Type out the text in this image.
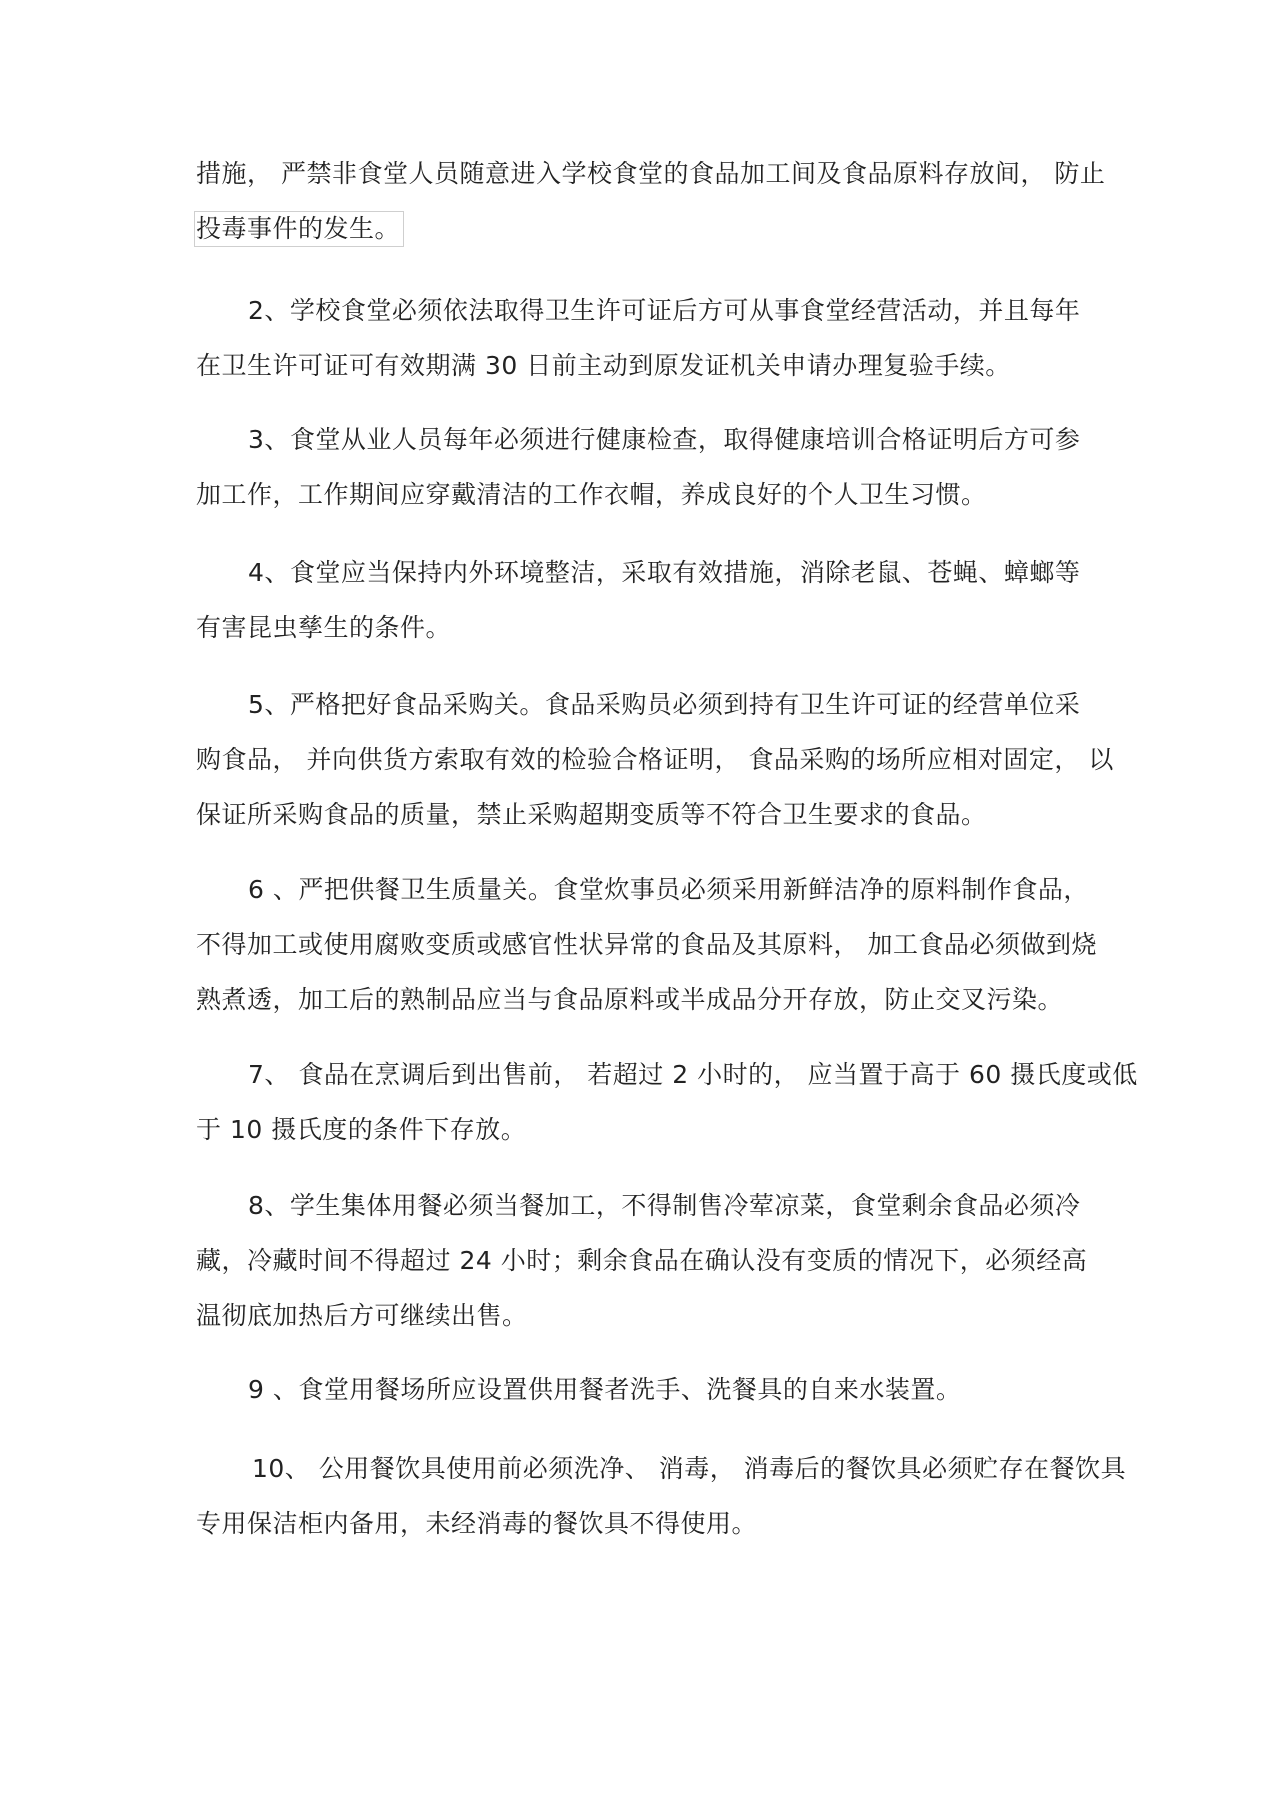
措施， 严禁非食堂人员随意进入学校食堂的食品加工间及食品原料存放间， 防止
投毒事件的发生。
2、学校食堂必须依法取得卫生许可证后方可从事食堂经营活动，并且每年
在卫生许可证可有效期满 30 日前主动到原发证机关申请办理复验手续。
3、食堂从业人员每年必须进行健康检查，取得健康培训合格证明后方可参
加工作，工作期间应穿戴清洁的工作衣帽，养成良好的个人卫生习惯。
4、食堂应当保持内外环境整洁，采取有效措施，消除老鼠、苍蝇、蟑螂等
有害昆虫孳生的条件。
5、严格把好食品采购关。食品采购员必须到持有卫生许可证的经营单位采
购食品， 并向供货方索取有效的检验合格证明， 食品采购的场所应相对固定， 以
保证所采购食品的质量，禁止采购超期变质等不符合卫生要求的食品。
6 、严把供餐卫生质量关。食堂炊事员必须采用新鲜洁净的原料制作食品，
不得加工或使用腐败变质或感官性状异常的食品及其原料， 加工食品必须做到烧
熟煮透，加工后的熟制品应当与食品原料或半成品分开存放，防止交叉污染。
7、 食品在烹调后到出售前， 若超过 2 小时的， 应当置于高于 60 摄氏度或低
于 10 摄氏度的条件下存放。
8、学生集体用餐必须当餐加工，不得制售冷荤凉菜，食堂剩余食品必须冷
藏，冷藏时间不得超过 24 小时；剩余食品在确认没有变质的情况下，必须经高
温彻底加热后方可继续出售。
9 、食堂用餐场所应设置供用餐者洗手、洗餐具的自来水装置。
10、 公用餐饮具使用前必须洗净、 消毒， 消毒后的餐饮具必须贮存在餐饮具
专用保洁柜内备用，未经消毒的餐饮具不得使用。
